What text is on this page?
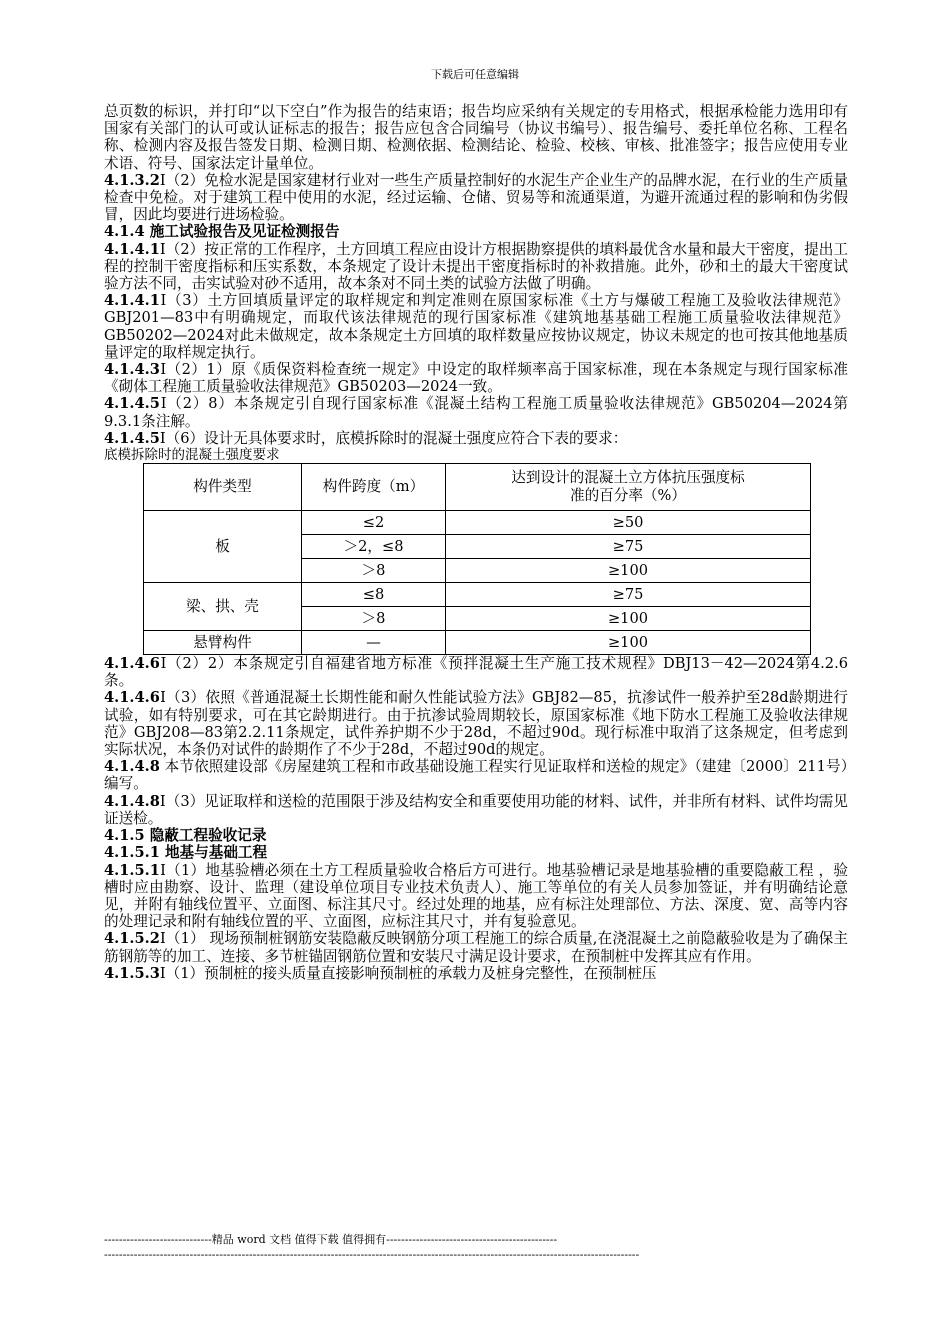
下载后可任意编辑

总页数的标识，并打印“以下空白”作为报告的结束语；报告均应采纳有关规定的专用格式，根据承检能力选用印有国家有关部门的认可或认证标志的报告；报告应包含合同编号（协议书编号）、报告编号、委托单位名称、工程名称、检测内容及报告签发日期、检测日期、检测依据、检测结论、检验、校核、审核、批准签字；报告应使用专业术语、符号、国家法定计量单位。

4.1.3.2Ⅰ（2）免检水泥是国家建材行业对一些生产质量控制好的水泥生产企业生产的品牌水泥，在行业的生产质量检查中免检。对于建筑工程中使用的水泥，经过运输、仓储、贸易等和流通渠道，为避开流通过程的影响和伪劣假冒，因此均要进行进场检验。

4.1.4 施工试验报告及见证检测报告

4.1.4.1Ⅰ（2）按正常的工作程序，土方回填工程应由设计方根据勘察提供的填料最优含水量和最大干密度，提出工程的控制干密度指标和压实系数，本条规定了设计未提出干密度指标时的补救措施。此外，砂和土的最大干密度试验方法不同，击实试验对砂不适用，故本条对不同土类的试验方法做了明确。

4.1.4.1Ⅰ（3）土方回填质量评定的取样规定和判定准则在原国家标准《土方与爆破工程施工及验收法律规范》GBJ201—83中有明确规定，而取代该法律规范的现行国家标准《建筑地基基础工程施工质量验收法律规范》GB50202—2024对此未做规定，故本条规定土方回填的取样数量应按协议规定，协议未规定的也可按其他地基质量评定的取样规定执行。

4.1.4.3Ⅰ（2）1）原《质保资料检查统一规定》中设定的取样频率高于国家标准，现在本条规定与现行国家标准《砌体工程施工质量验收法律规范》GB50203—2024一致。

4.1.4.5Ⅰ（2）8）本条规定引自现行国家标准《混凝土结构工程施工质量验收法律规范》GB50204—2024第9.3.1条注解。

4.1.4.5Ⅰ（6）设计无具体要求时，底模拆除时的混凝土强度应符合下表的要求：

底模拆除时的混凝土强度要求

构件类型	构件跨度（m）	达到设计的混凝土立方体抗压强度标准的百分率（%）
板	≤2	≥50
	＞2，≤8	≥75
	＞8	≥100
梁、拱、壳	≤8	≥75
	＞8	≥100
悬臂构件	—	≥100

4.1.4.6Ⅰ（2）2）本条规定引自福建省地方标准《预拌混凝土生产施工技术规程》DBJ13－42—2024第4.2.6条。

4.1.4.6Ⅰ（3）依照《普通混凝土长期性能和耐久性能试验方法》GBJ82—85，抗渗试件一般养护至28d龄期进行试验，如有特别要求，可在其它龄期进行。由于抗渗试验周期较长，原国家标准《地下防水工程施工及验收法律规范》GBJ208—83第2.2.11条规定，试件养护期不少于28d，不超过90d。现行标准中取消了这条规定，但考虑到实际状况，本条仍对试件的龄期作了不少于28d，不超过90d的规定。

4.1.4.8 本节依照建设部《房屋建筑工程和市政基础设施工程实行见证取样和送检的规定》（建建〔2000〕211号）编写。

4.1.4.8Ⅰ（3）见证取样和送检的范围限于涉及结构安全和重要使用功能的材料、试件，并非所有材料、试件均需见证送检。

4.1.5 隐蔽工程验收记录

4.1.5.1 地基与基础工程

4.1.5.1Ⅰ（1）地基验槽必须在土方工程质量验收合格后方可进行。地基验槽记录是地基验槽的重要隐蔽工程 ，验槽时应由勘察、设计、监理（建设单位项目专业技术负责人）、施工等单位的有关人员参加签证，并有明确结论意见，并附有轴线位置平、立面图、标注其尺寸。经过处理的地基，应有标注处理部位、方法、深度、宽、高等内容的处理记录和附有轴线位置的平、立面图，应标注其尺寸，并有复验意见。

4.1.5.2Ⅰ（1） 现场预制桩钢筋安装隐蔽反映钢筋分项工程施工的综合质量,在浇混凝土之前隐蔽验收是为了确保主筋钢筋等的加工、连接、多节桩锚固钢筋位置和安装尺寸满足设计要求，在预制桩中发挥其应有作用。

4.1.5.3Ⅰ（1）预制桩的接头质量直接影响预制桩的承载力及桩身完整性，在预制桩压

-----------------------------精品 word 文档 值得下载 值得拥有----------------------------------------------
------------------------------------------------------------------------------------------------------------------------------------------------
